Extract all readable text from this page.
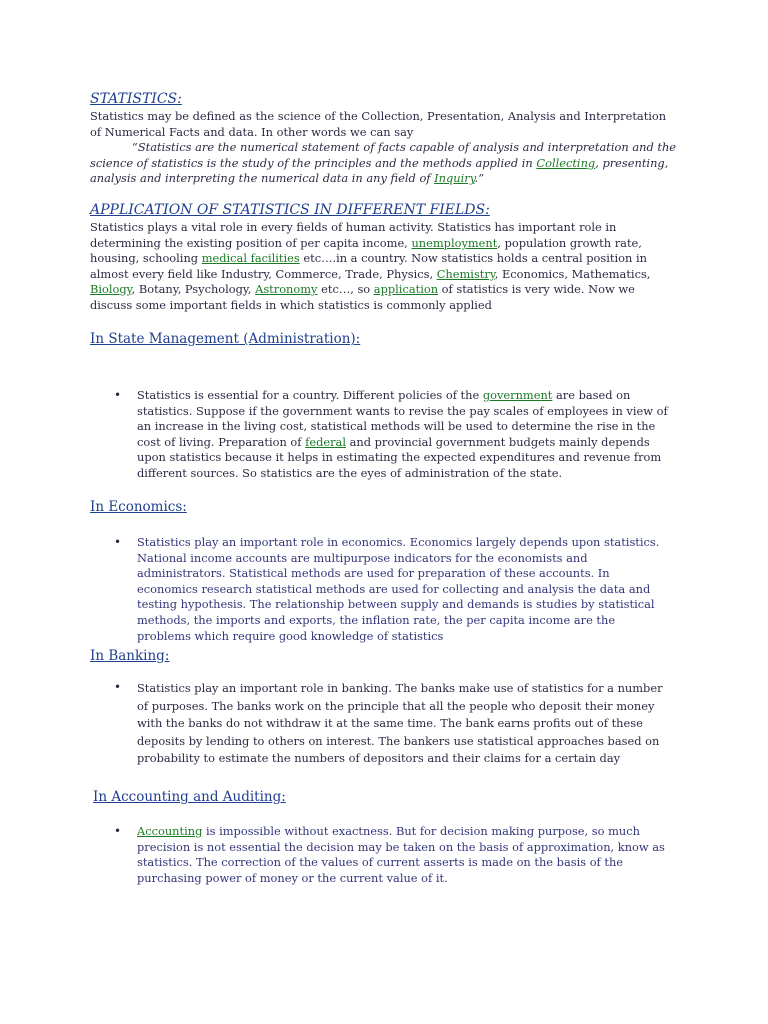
STATISTICS:

Statistics may be defined as the science of the Collection, Presentation, Analysis and Interpretation of Numerical Facts and data. In other words we can say
“Statistics are the numerical statement of facts capable of analysis and interpretation and the science of statistics is the study of the principles and the methods applied in Collecting, presenting, analysis and interpreting the numerical data in any field of Inquiry.”

APPLICATION OF STATISTICS IN DIFFERENT FIELDS:

Statistics plays a vital role in every fields of human activity. Statistics has important role in determining the existing position of per capita income, unemployment, population growth rate, housing, schooling medical facilities etc….in a country. Now statistics holds a central position in almost every field like Industry, Commerce, Trade, Physics, Chemistry, Economics, Mathematics, Biology, Botany, Psychology, Astronomy etc…, so application of statistics is very wide. Now we discuss some important fields in which statistics is commonly applied

In State Management (Administration):
• Statistics is essential for a country. Different policies of the government are based on statistics. Suppose if the government wants to revise the pay scales of employees in view of an increase in the living cost, statistical methods will be used to determine the rise in the cost of living. Preparation of federal and provincial government budgets mainly depends upon statistics because it helps in estimating the expected expenditures and revenue from different sources. So statistics are the eyes of administration of the state.

In Economics:
• Statistics play an important role in economics. Economics largely depends upon statistics. National income accounts are multipurpose indicators for the economists and administrators. Statistical methods are used for preparation of these accounts. In economics research statistical methods are used for collecting and analysis the data and testing hypothesis. The relationship between supply and demands is studies by statistical methods, the imports and exports, the inflation rate, the per capita income are the problems which require good knowledge of statistics

In Banking:
• Statistics play an important role in banking. The banks make use of statistics for a number of purposes. The banks work on the principle that all the people who deposit their money with the banks do not withdraw it at the same time. The bank earns profits out of these deposits by lending to others on interest. The bankers use statistical approaches based on probability to estimate the numbers of depositors and their claims for a certain day

In Accounting and Auditing:
• Accounting is impossible without exactness. But for decision making purpose, so much precision is not essential the decision may be taken on the basis of approximation, know as statistics. The correction of the values of current asserts is made on the basis of the purchasing power of money or the current value of it.
